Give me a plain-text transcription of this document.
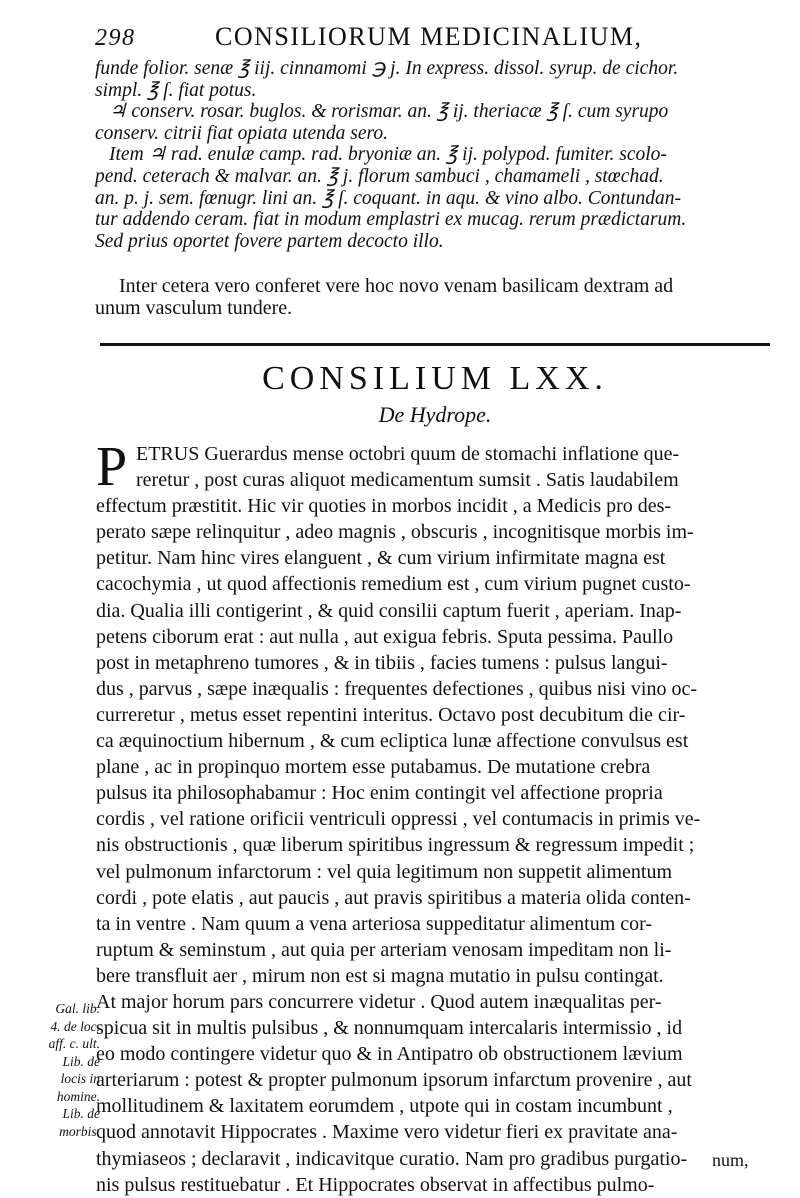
298	CONSILIORUM MEDICINALIUM,
funde folior. senæ ℥ iij. cinnamomi ℈ j. In express. dissol. syrup. de cichor.
simpl. ℥ ſ. fiat potus.
♃ conserv. rosar. buglos. & rorismar. an. ℥ ij. theriacæ ℥ ſ. cum syrupo
conserv. citrii fiat opiata utenda sero.
Item ♃ rad. enulæ camp. rad. bryoniæ an. ℥ ij. polypod. fumiter. scolo-
pend. ceterach & malvar. an. ℥ j. florum sambuci , chamameli , stœchad.
an. p. j. sem. fœnugr. lini an. ℥ ſ. coquant. in aqu. & vino albo. Contundan-
tur addendo ceram. fiat in modum emplastri ex mucag. rerum prædictarum.
Sed prius oportet fovere partem decocto illo.
Inter cetera vero conferet vere hoc novo venam basilicam dextram ad
unum vasculum tundere.
CONSILIUM LXX.
De Hydrope.
P ETRUS Guerardus mense octobri quum de stomachi inflatione que-
reretur , post curas aliquot medicamentum sumsit . Satis laudabilem
effectum præstitit. Hic vir quoties in morbos incidit , a Medicis pro des-
perato sæpe relinquitur , adeo magnis , obscuris , incognitisque morbis im-
petitur. Nam hinc vires elanguent , & cum virium infirmitate magna est
cacochymia , ut quod affectionis remedium est , cum virium pugnet custo-
dia. Qualia illi contigerint , & quid consilii captum fuerit , aperiam. Inap-
petens ciborum erat : aut nulla , aut exigua febris. Sputa pessima. Paullo
post in metaphreno tumores , & in tibiis , facies tumens : pulsus langui-
dus , parvus , sæpe inæqualis : frequentes defectiones , quibus nisi vino oc-
curreretur , metus esset repentini interitus. Octavo post decubitum die cir-
ca æquinoctium hibernum , & cum ecliptica lunæ affectione convulsus est
plane , ac in propinquo mortem esse putabamus. De mutatione crebra
pulsus ita philosophabamur : Hoc enim contingit vel affectione propria
cordis , vel ratione orificii ventriculi oppressi , vel contumacis in primis ve-
nis obstructionis , quæ liberum spiritibus ingressum & regressum impedit ;
vel pulmonum infarctorum : vel quia legitimum non suppetit alimentum
cordi , pote elatis , aut paucis , aut pravis spiritibus a materia olida conten-
ta in ventre . Nam quum a vena arteriosa suppeditatur alimentum cor-
ruptum & seminstum , aut quia per arteriam venosam impeditam non li-
bere transfluit aer , mirum non est si magna mutatio in pulsu contingat.
At major horum pars concurrere videtur . Quod autem inæqualitas per-
spicua sit in multis pulsibus , & nonnumquam intercalaris intermissio , id
eo modo contingere videtur quo & in Antipatro ob obstructionem lævium
arteriarum : potest & propter pulmonum ipsorum infarctum provenire , aut
mollitudinem & laxitatem eorumdem , utpote qui in costam incumbunt ,
quod annotavit Hippocrates . Maxime vero videtur fieri ex pravitate ana-
thymiaseos ; declaravit , indicavitque curatio. Nam pro gradibus purgatio-
nis pulsus restituebatur . Et Hippocrates observat in affectibus pulmo-
Gal. lib.
4. de loc.
aff. c. ult.
Lib. de
locis in
homine.
Lib. de
morbis.
num,
